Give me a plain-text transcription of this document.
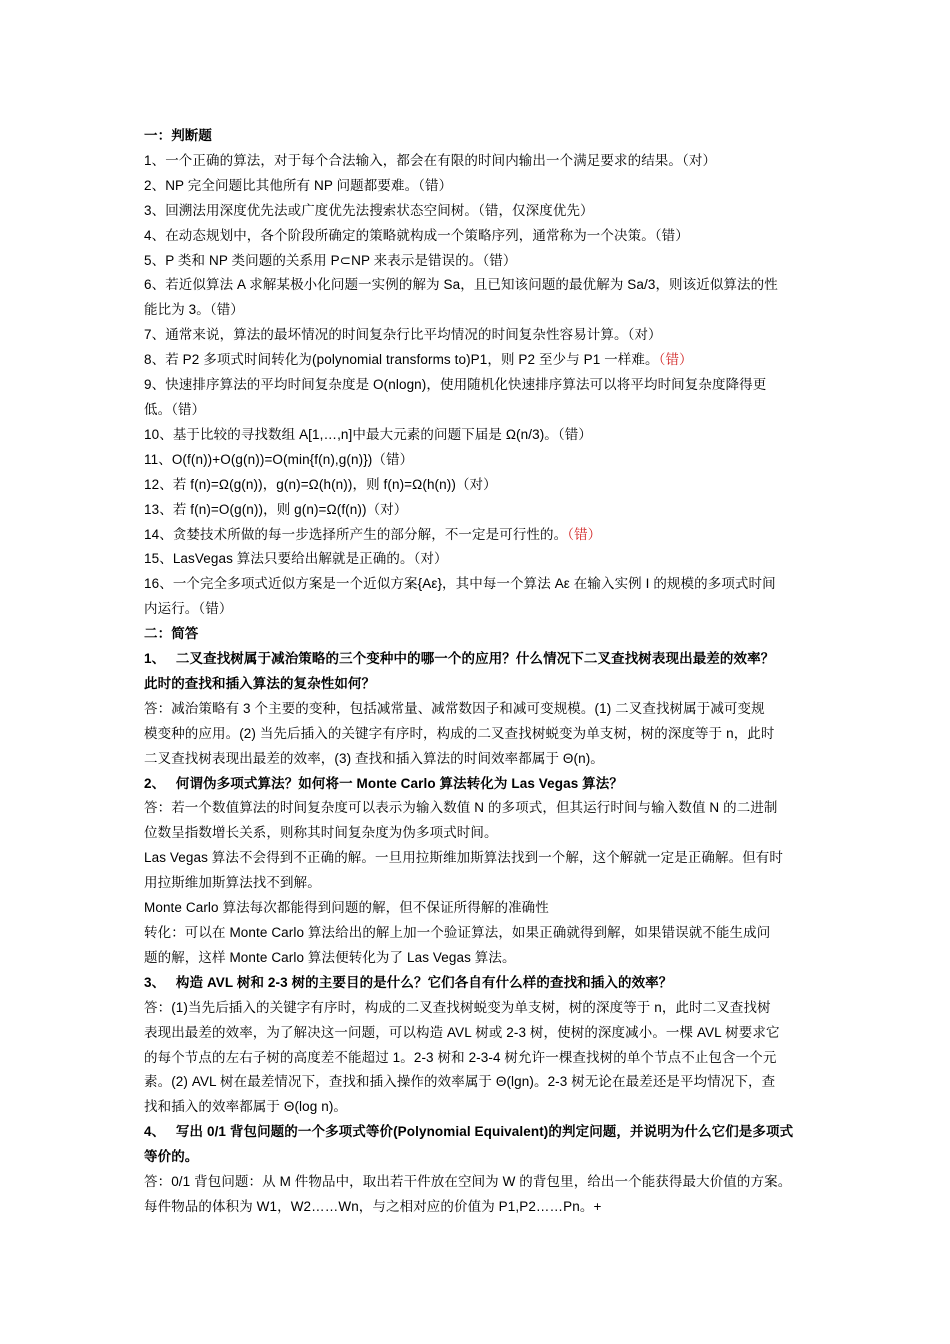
一：判断题
1、一个正确的算法，对于每个合法输入，都会在有限的时间内输出一个满足要求的结果。（对）
2、NP 完全问题比其他所有 NP 问题都要难。（错）
3、回溯法用深度优先法或广度优先法搜索状态空间树。（错，仅深度优先）
4、在动态规划中，各个阶段所确定的策略就构成一个策略序列，通常称为一个决策。（错）
5、P 类和 NP 类问题的关系用 P⊂NP 来表示是错误的。（错）
6、若近似算法 A 求解某极小化问题一实例的解为 Sa，且已知该问题的最优解为 Sa/3，则该近似算法的性
能比为 3。（错）
7、通常来说，算法的最坏情况的时间复杂行比平均情况的时间复杂性容易计算。（对）
8、若 P2 多项式时间转化为(polynomial transforms to)P1，则 P2 至少与 P1 一样难。（错）
9、快速排序算法的平均时间复杂度是 O(nlogn)，使用随机化快速排序算法可以将平均时间复杂度降得更
低。（错）
10、基于比较的寻找数组 A[1,…,n]中最大元素的问题下届是 Ω(n/3)。（错）
11、O(f(n))+O(g(n))=O(min{f(n),g(n)})（错）
12、若 f(n)=Ω(g(n))，g(n)=Ω(h(n))，则 f(n)=Ω(h(n))（对）
13、若 f(n)=O(g(n))，则 g(n)=Ω(f(n))（对）
14、贪婪技术所做的每一步选择所产生的部分解，不一定是可行性的。（错）
15、LasVegas 算法只要给出解就是正确的。（对）
16、一个完全多项式近似方案是一个近似方案{Aε}，其中每一个算法 Aε 在输入实例 I 的规模的多项式时间
内运行。（错）
二：简答
1、　 二叉查找树属于减治策略的三个变种中的哪一个的应用？什么情况下二叉查找树表现出最差的效率？
此时的查找和插入算法的复杂性如何？
答：减治策略有 3 个主要的变种，包括减常量、减常数因子和减可变规模。(1) 二叉查找树属于减可变规
模变种的应用。(2) 当先后插入的关键字有序时，构成的二叉查找树蜕变为单支树，树的深度等于 n，此时
二叉查找树表现出最差的效率，(3) 查找和插入算法的时间效率都属于 Θ(n)。
2、　 何谓伪多项式算法？如何将一 Monte Carlo 算法转化为 Las Vegas 算法？
答：若一个数值算法的时间复杂度可以表示为输入数值 N 的多项式，但其运行时间与输入数值 N 的二进制
位数呈指数增长关系，则称其时间复杂度为伪多项式时间。
Las Vegas 算法不会得到不正确的解。一旦用拉斯维加斯算法找到一个解，这个解就一定是正确解。但有时
用拉斯维加斯算法找不到解。
Monte Carlo 算法每次都能得到问题的解，但不保证所得解的准确性
转化：可以在 Monte Carlo 算法给出的解上加一个验证算法，如果正确就得到解，如果错误就不能生成问
题的解，这样 Monte Carlo 算法便转化为了 Las Vegas 算法。
3、　 构造 AVL 树和 2-3 树的主要目的是什么？它们各自有什么样的查找和插入的效率？
答：(1)当先后插入的关键字有序时，构成的二叉查找树蜕变为单支树，树的深度等于 n，此时二叉查找树
表现出最差的效率，为了解决这一问题，可以构造 AVL 树或 2-3 树，使树的深度减小。一棵 AVL 树要求它
的每个节点的左右子树的高度差不能超过 1。2-3 树和 2-3-4 树允许一棵查找树的单个节点不止包含一个元
素。(2) AVL 树在最差情况下，查找和插入操作的效率属于 Θ(lgn)。2-3 树无论在最差还是平均情况下，查
找和插入的效率都属于 Θ(log n)。
4、　 写出 0/1 背包问题的一个多项式等价(Polynomial Equivalent)的判定问题，并说明为什么它们是多项式
等价的。
答：0/1 背包问题：从 M 件物品中，取出若干件放在空间为 W 的背包里，给出一个能获得最大价值的方案。
每件物品的体积为 W1，W2……Wn，与之相对应的价值为 P1,P2……Pn。+
